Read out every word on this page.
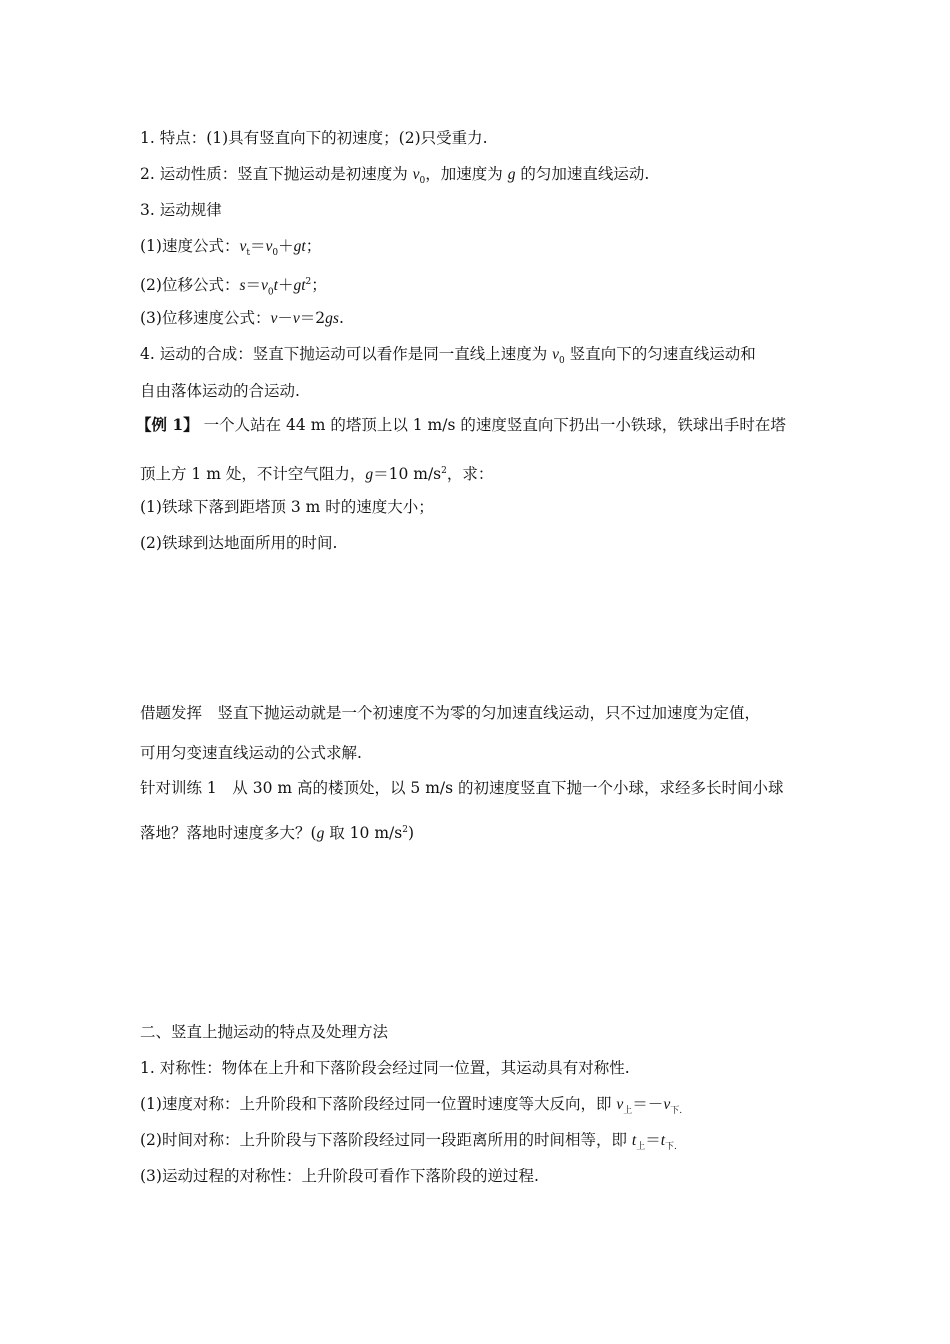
1. 特点：(1)具有竖直向下的初速度；(2)只受重力.
2. 运动性质：竖直下抛运动是初速度为 $v_0$，加速度为 g 的匀加速直线运动.
3. 运动规律
(1)速度公式：$v_t=v_0+gt$；
(2)位移公式：$s=v_0t+gt^2$；
(3)位移速度公式：v－v＝2gs.
4. 运动的合成：竖直下抛运动可以看作是同一直线上速度为 $v_0$ 竖直向下的匀速直线运动和
自由落体运动的合运动.
【例 1】 一个人站在 44 m 的塔顶上以 1 m/s 的速度竖直向下扔出一小铁球，铁球出手时在塔
顶上方 1 m 处，不计空气阻力，g＝10 $m/s^2$，求：
(1)铁球下落到距塔顶 3 m 时的速度大小；
(2)铁球到达地面所用的时间.
借题发挥　竖直下抛运动就是一个初速度不为零的匀加速直线运动，只不过加速度为定值，
可用匀变速直线运动的公式求解.
针对训练 1　从 30 m 高的楼顶处，以 5 m/s 的初速度竖直下抛一个小球，求经多长时间小球
落地？落地时速度多大？(g 取 10 $m/s^2$)
二、竖直上抛运动的特点及处理方法
1. 对称性：物体在上升和下落阶段会经过同一位置，其运动具有对称性.
(1)速度对称：上升阶段和下落阶段经过同一位置时速度等大反向，即 $v_上=-v_{下.}$
(2)时间对称：上升阶段与下落阶段经过同一段距离所用的时间相等，即 $t_上=t_{下.}$
(3)运动过程的对称性：上升阶段可看作下落阶段的逆过程.
